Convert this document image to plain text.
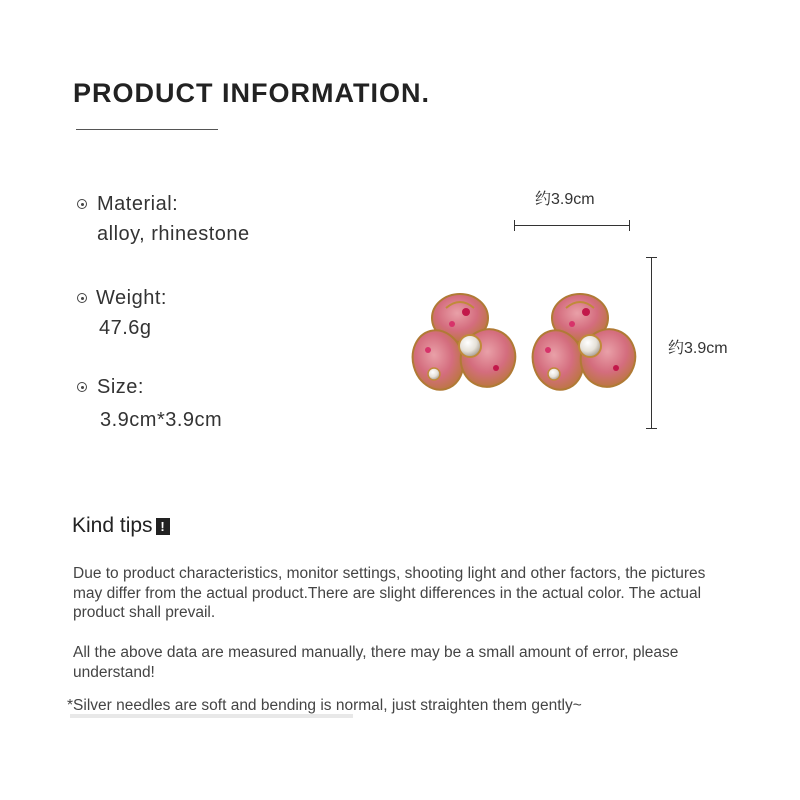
PRODUCT INFORMATION.
Material:
alloy, rhinestone
Weight:
47.6g
Size:
3.9cm*3.9cm
约3.9cm
约3.9cm
Kind tips !
Due to product characteristics, monitor settings, shooting light and other factors, the pictures may differ from the actual product.There are slight differences in the actual color. The actual product shall prevail.
All the above data are measured manually, there may be a small amount of error, please understand!
*Silver needles are soft and bending is normal, just straighten them gently~
